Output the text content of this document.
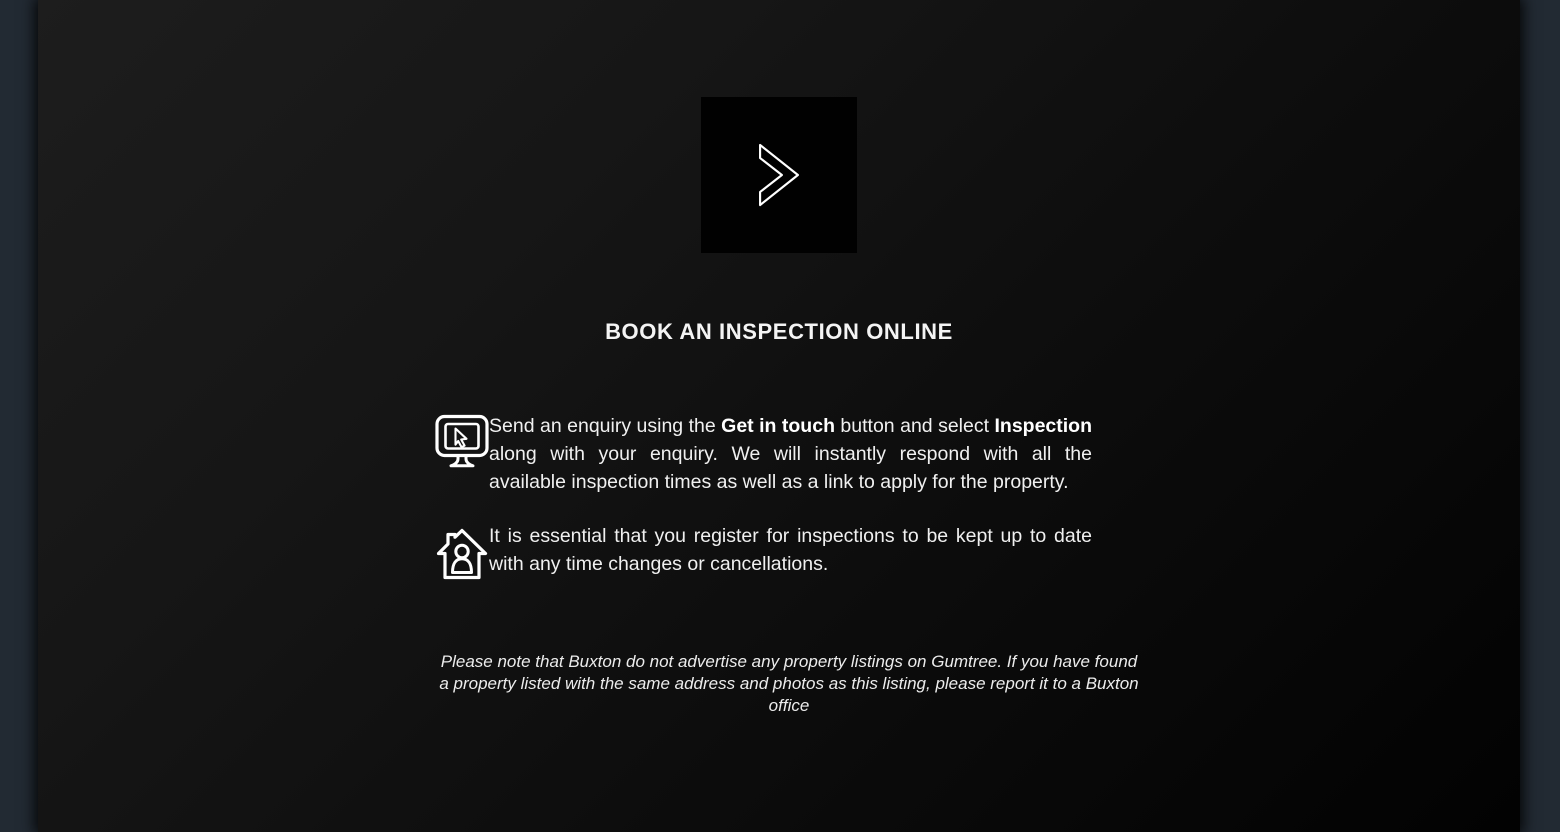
BOOK AN INSPECTION ONLINE

Send an enquiry using the Get in touch button and select Inspection along with your enquiry. We will instantly respond with all the available inspection times as well as a link to apply for the property.

It is essential that you register for inspections to be kept up to date with any time changes or cancellations.

Please note that Buxton do not advertise any property listings on Gumtree. If you have found a property listed with the same address and photos as this listing, please report it to a Buxton office
